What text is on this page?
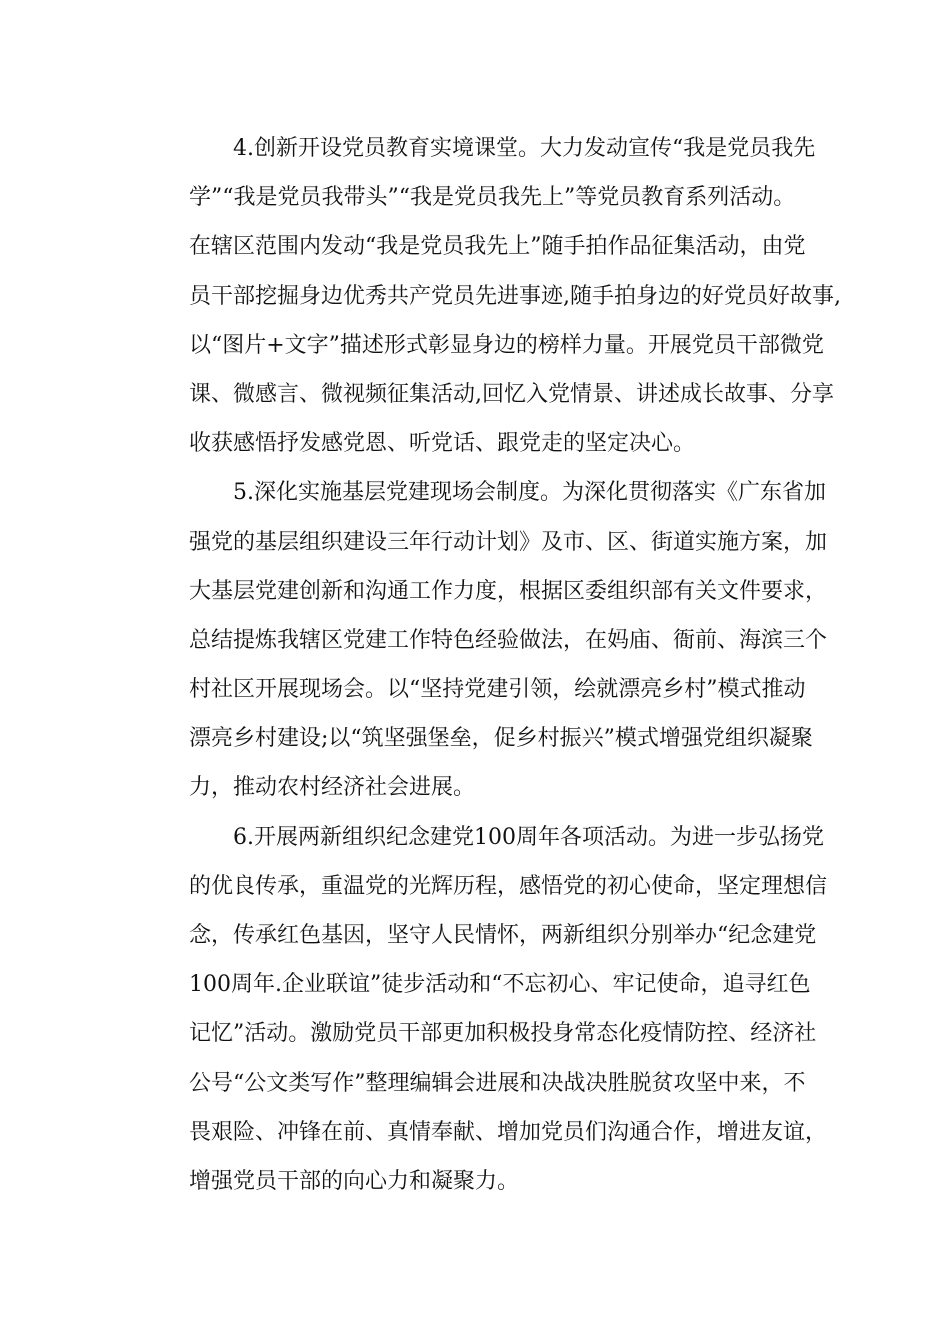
4.创新开设党员教育实境课堂。大力发动宣传“我是党员我先
学”“我是党员我带头”“我是党员我先上”等党员教育系列活动。
在辖区范围内发动“我是党员我先上”随手拍作品征集活动，由党
员干部挖掘身边优秀共产党员先进事迹,随手拍身边的好党员好故事,
以“图片+文字”描述形式彰显身边的榜样力量。开展党员干部微党
课、微感言、微视频征集活动,回忆入党情景、讲述成长故事、分享
收获感悟抒发感党恩、听党话、跟党走的坚定决心。
5.深化实施基层党建现场会制度。为深化贯彻落实《广东省加
强党的基层组织建设三年行动计划》及市、区、街道实施方案，加
大基层党建创新和沟通工作力度，根据区委组织部有关文件要求，
总结提炼我辖区党建工作特色经验做法，在妈庙、衙前、海滨三个
村社区开展现场会。以“坚持党建引领，绘就漂亮乡村”模式推动
漂亮乡村建设;以“筑坚强堡垒，促乡村振兴”模式增强党组织凝聚
力，推动农村经济社会进展。
6.开展两新组织纪念建党100周年各项活动。为进一步弘扬党
的优良传承，重温党的光辉历程，感悟党的初心使命，坚定理想信
念，传承红色基因，坚守人民情怀，两新组织分别举办“纪念建党
100周年.企业联谊”徒步活动和“不忘初心、牢记使命，追寻红色
记忆”活动。激励党员干部更加积极投身常态化疫情防控、经济社
公号“公文类写作”整理编辑会进展和决战决胜脱贫攻坚中来，不
畏艰险、冲锋在前、真情奉献、增加党员们沟通合作，增进友谊，
增强党员干部的向心力和凝聚力。
